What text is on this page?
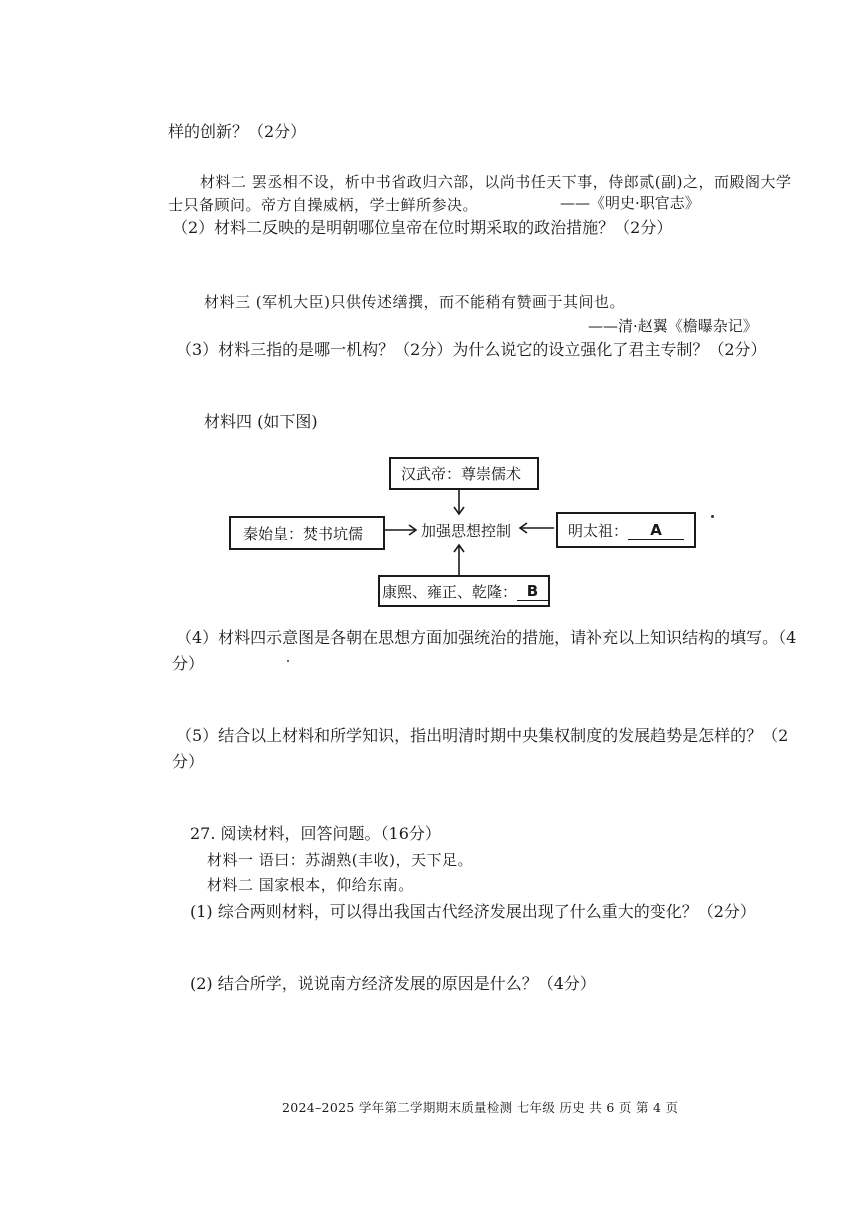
样的创新？（2分）
材料二 罢丞相不设，析中书省政归六部，以尚书任天下事，侍郎贰(副)之，而殿阁大学
士只备顾问。帝方自操威柄，学士鲜所参决。	——《明史·职官志》
（2）材料二反映的是明朝哪位皇帝在位时期采取的政治措施？（2分）
材料三 (军机大臣)只供传述缮撰，而不能稍有赞画于其间也。
——清·赵翼《檐曝杂记》
（3）材料三指的是哪一机构？（2分）为什么说它的设立强化了君主专制？（2分）
材料四 (如下图)
汉武帝：尊崇儒术
秦始皇：焚书坑儒	加强思想控制	明太祖：	A
康熙、雍正、乾隆： B
（4）材料四示意图是各朝在思想方面加强统治的措施，请补充以上知识结构的填写。（4
分）
（5）结合以上材料和所学知识，指出明清时期中央集权制度的发展趋势是怎样的？（2
分）
27. 阅读材料，回答问题。（16分）
材料一 语曰：苏湖熟(丰收)，天下足。
材料二 国家根本，仰给东南。
(1) 综合两则材料，可以得出我国古代经济发展出现了什么重大的变化？（2分）
(2) 结合所学，说说南方经济发展的原因是什么？（4分）
2024–2025 学年第二学期期末质量检测 七年级 历史 共 6 页 第 4 页
